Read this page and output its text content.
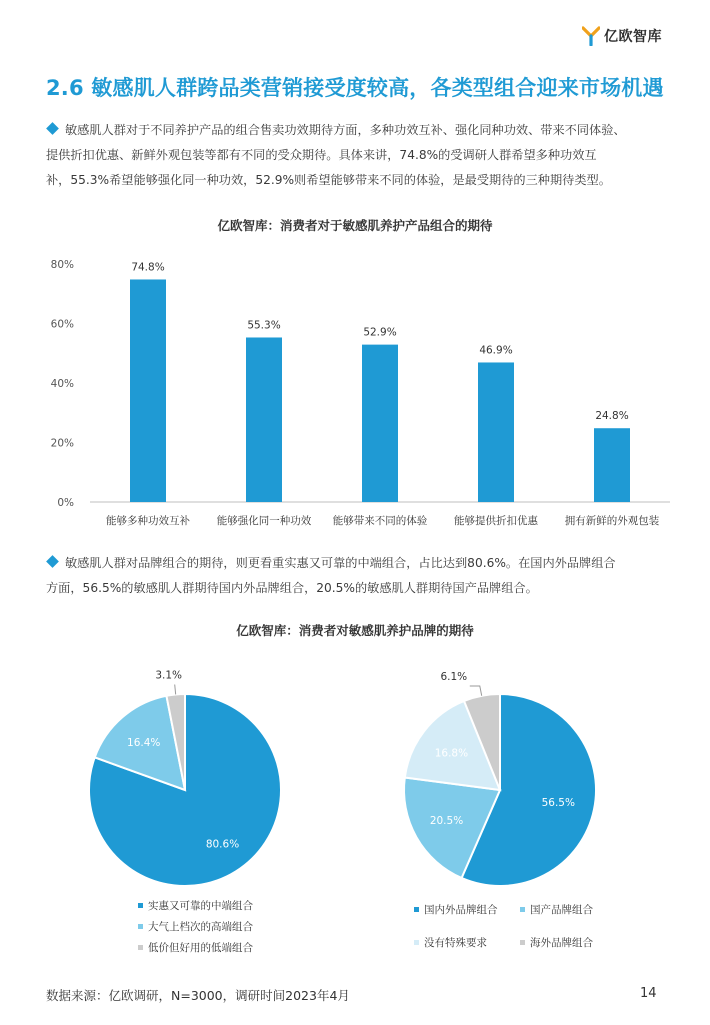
亿欧智库
2.6 敏感肌人群跨品类营销接受度较高，各类型组合迎来市场机遇
敏感肌人群对于不同养护产品的组合售卖功效期待方面，多种功效互补、强化同种功效、带来不同体验、
提供折扣优惠、新鲜外观包装等都有不同的受众期待。具体来讲，74.8%的受调研人群希望多种功效互
补，55.3%希望能够强化同一种功效，52.9%则希望能够带来不同的体验，是最受期待的三种期待类型。
亿欧智库：消费者对于敏感肌养护产品组合的期待
0%
20%
40%
60%
80%	74.8%
能够多种功效互补
55.3%
能够强化同一种功效
52.9%
能够带来不同的体验
46.9%
能够提供折扣优惠
24.8%
拥有新鲜的外观包装
敏感肌人群对品牌组合的期待，则更看重实惠又可靠的中端组合，占比达到80.6%。在国内外品牌组合
方面，56.5%的敏感肌人群期待国内外品牌组合，20.5%的敏感肌人群期待国产品牌组合。
亿欧智库：消费者对敏感肌养护品牌的期待
80.6%
16.4%
3.1%
实惠又可靠的中端组合
大气上档次的高端组合
低价但好用的低端组合
56.5%
20.5%
16.8%
6.1%
国内外品牌组合	国产品牌组合
没有特殊要求	海外品牌组合
数据来源：亿欧调研，N=3000，调研时间2023年4月	14
